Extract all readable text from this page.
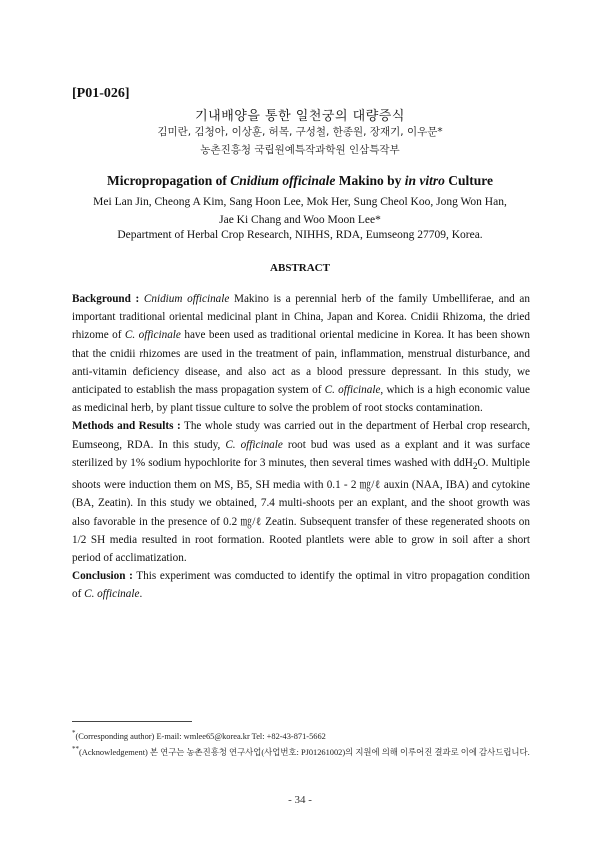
[P01-026]
기내배양을 통한 일천궁의 대량증식
김미란, 김청아, 이상훈, 허목, 구성철, 한종원, 장재기, 이우문*
농촌진흥청 국립원예특작과학원 인삼특작부
Micropropagation of Cnidium officinale Makino by in vitro Culture
Mei Lan Jin, Cheong A Kim, Sang Hoon Lee, Mok Her, Sung Cheol Koo, Jong Won Han,
Jae Ki Chang and Woo Moon Lee*
Department of Herbal Crop Research, NIHHS, RDA, Eumseong 27709, Korea.
ABSTRACT

Background : Cnidium officinale Makino is a perennial herb of the family Umbelliferae, and an important traditional oriental medicinal plant in China, Japan and Korea. Cnidii Rhizoma, the dried rhizome of C. officinale have been used as traditional oriental medicine in Korea. It has been shown that the cnidii rhizomes are used in the treatment of pain, inflammation, menstrual disturbance, and anti-vitamin deficiency disease, and also act as a blood pressure depressant. In this study, we anticipated to establish the mass propagation system of C. officinale, which is a high economic value as medicinal herb, by plant tissue culture to solve the problem of root stocks contamination.

Methods and Results : The whole study was carried out in the department of Herbal crop research, Eumseong, RDA. In this study, C. officinale root bud was used as a explant and it was surface sterilized by 1% sodium hypochlorite for 3 minutes, then several times washed with ddH$_2$O. Multiple shoots were induction them on MS, B5, SH media with 0.1 - 2 ㎎/ℓ auxin (NAA, IBA) and cytokine (BA, Zeatin). In this study we obtained, 7.4 multi-shoots per an explant, and the shoot growth was also favorable in the presence of 0.2 ㎎/ℓ Zeatin. Subsequent transfer of these regenerated shoots on 1/2 SH media resulted in root formation. Rooted plantlets were able to grow in soil after a short period of acclimatization.

Conclusion : This experiment was comducted to identify the optimal in vitro propagation condition of C. officinale.

*(Corresponding author) E-mail: wmlee65@korea.kr Tel: +82-43-871-5662

**(Acknowledgement) 본 연구는 농촌진흥청 연구사업(사업번호: PJ01261002)의 지원에 의해 이루어진 결과로 이에 감사드립니다.

- 34 -
